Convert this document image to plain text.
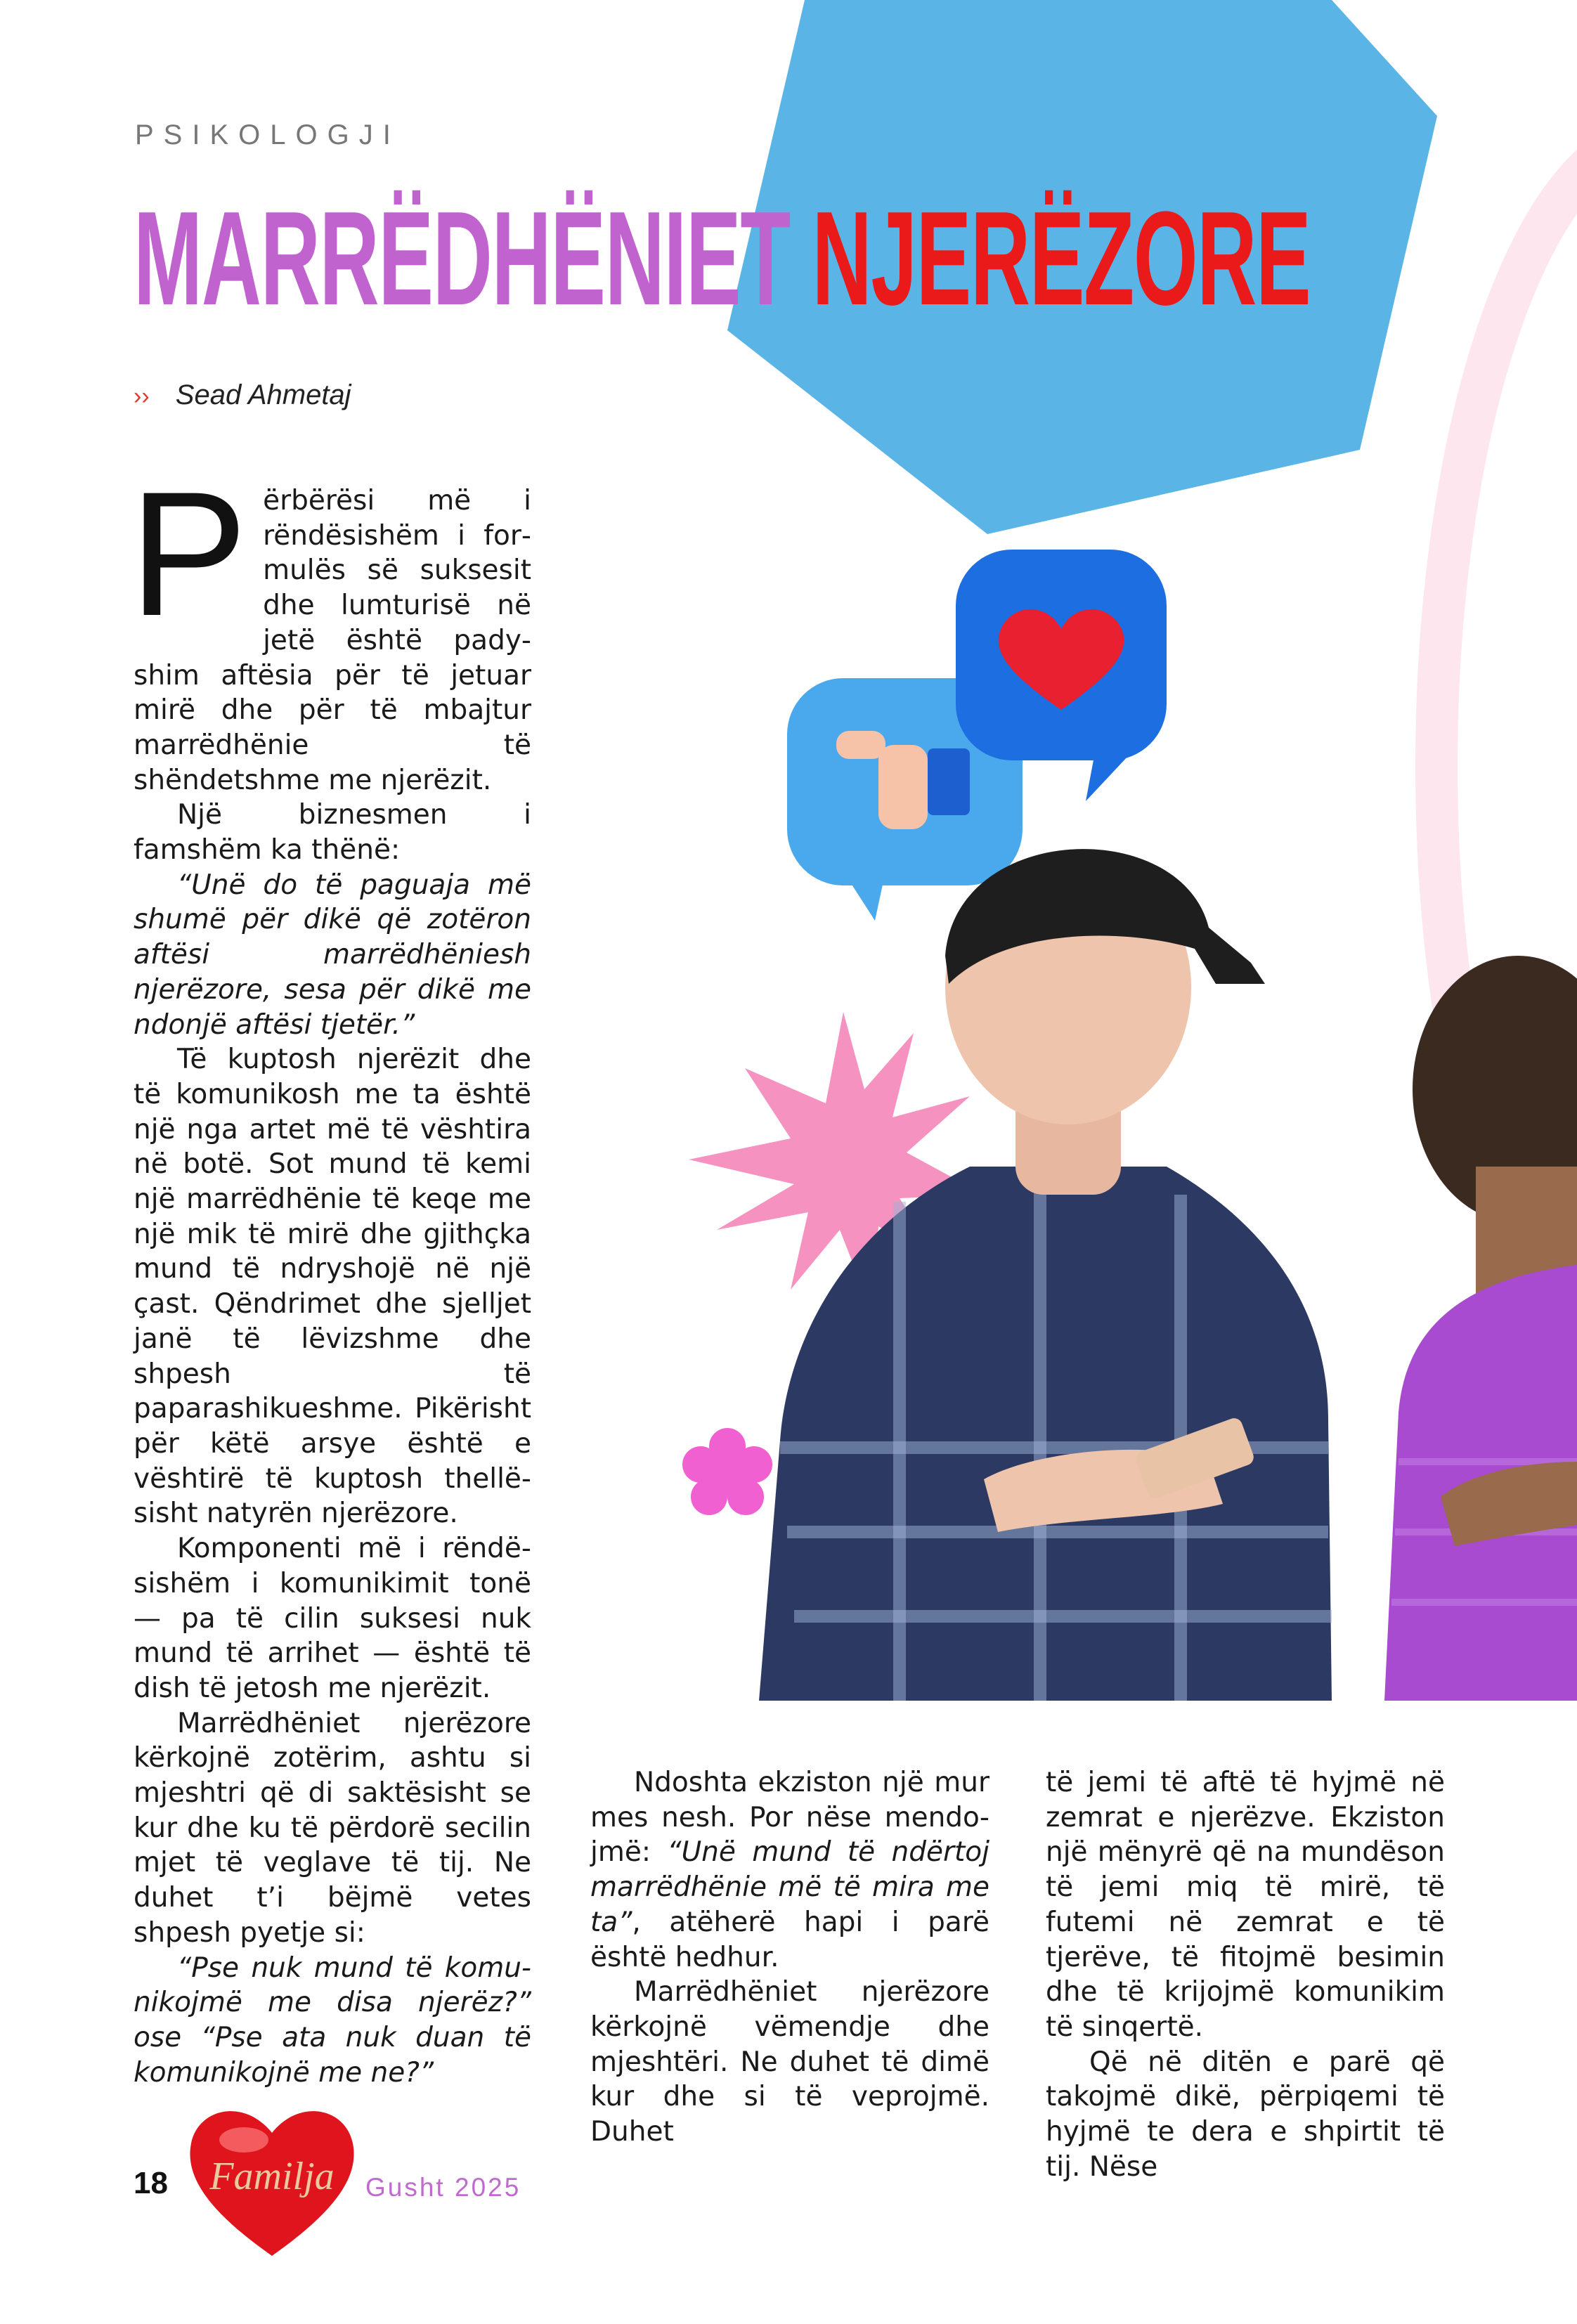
PSIKOLOGJI
MARRËDHËNIET NJERËZORE
›› Sead Ahmetaj
P ërbërësi më i rëndësishëm i formulës së suksesit dhe lumturisë në jetë është padyshim aftësia për të jetuar mirë dhe për të mbajtur marrëdhënie të shëndetshme me njerëzit.

Një biznesmen i famshëm ka thënë:

“Unë do të paguaja më shumë për dikë që zotëron aftësi marrëdhëniesh njerëzore, sesa për dikë me ndonjë aftësi tjetër.”

Të kuptosh njerëzit dhe të komunikosh me ta është një nga artet më të vështira në botë. Sot mund të kemi një marrëdhënie të keqe me një mik të mirë dhe gjithçka mund të ndryshojë në një çast. Qëndrimet dhe sjelljet janë të lëvizshme dhe shpesh të paparashikueshme. Pikërisht për këtë arsye është e vështirë të kuptosh thellësisht natyrën njerëzore.

Komponenti më i rëndësishëm i komunikimit tonë — pa të cilin suksesi nuk mund të arrihet — është të dish të jetosh me njerëzit.

Marrëdhëniet njerëzore kërkojnë zotërim, ashtu si mjeshtri që di saktësisht se kur dhe ku të përdorë secilin mjet të veglave të tij. Ne duhet t’i bëjmë vetes shpesh pyetje si:

“Pse nuk mund të komunikojmë me disa njerëz?” ose “Pse ata nuk duan të komunikojnë me ne?”

Ndoshta ekziston një mur mes nesh. Por nëse mendojmë: “Unë mund të ndërtoj marrëdhënie më të mira me ta”, atëherë hapi i parë është hedhur.

Marrëdhëniet njerëzore kërkojnë vëmendje dhe mjeshtëri. Ne duhet të dimë kur dhe si të veprojmë. Duhet

të jemi të aftë të hyjmë në zemrat e njerëzve. Ekziston një mënyrë që na mundëson të jemi miq të mirë, të futemi në zemrat e të tjerëve, të fitojmë besimin dhe të krijojmë komunikim të sinqertë.

Që në ditën e parë që takojmë dikë, përpiqemi të hyjmë te dera e shpirtit të tij. Nëse

18 Familja Gusht 2025
